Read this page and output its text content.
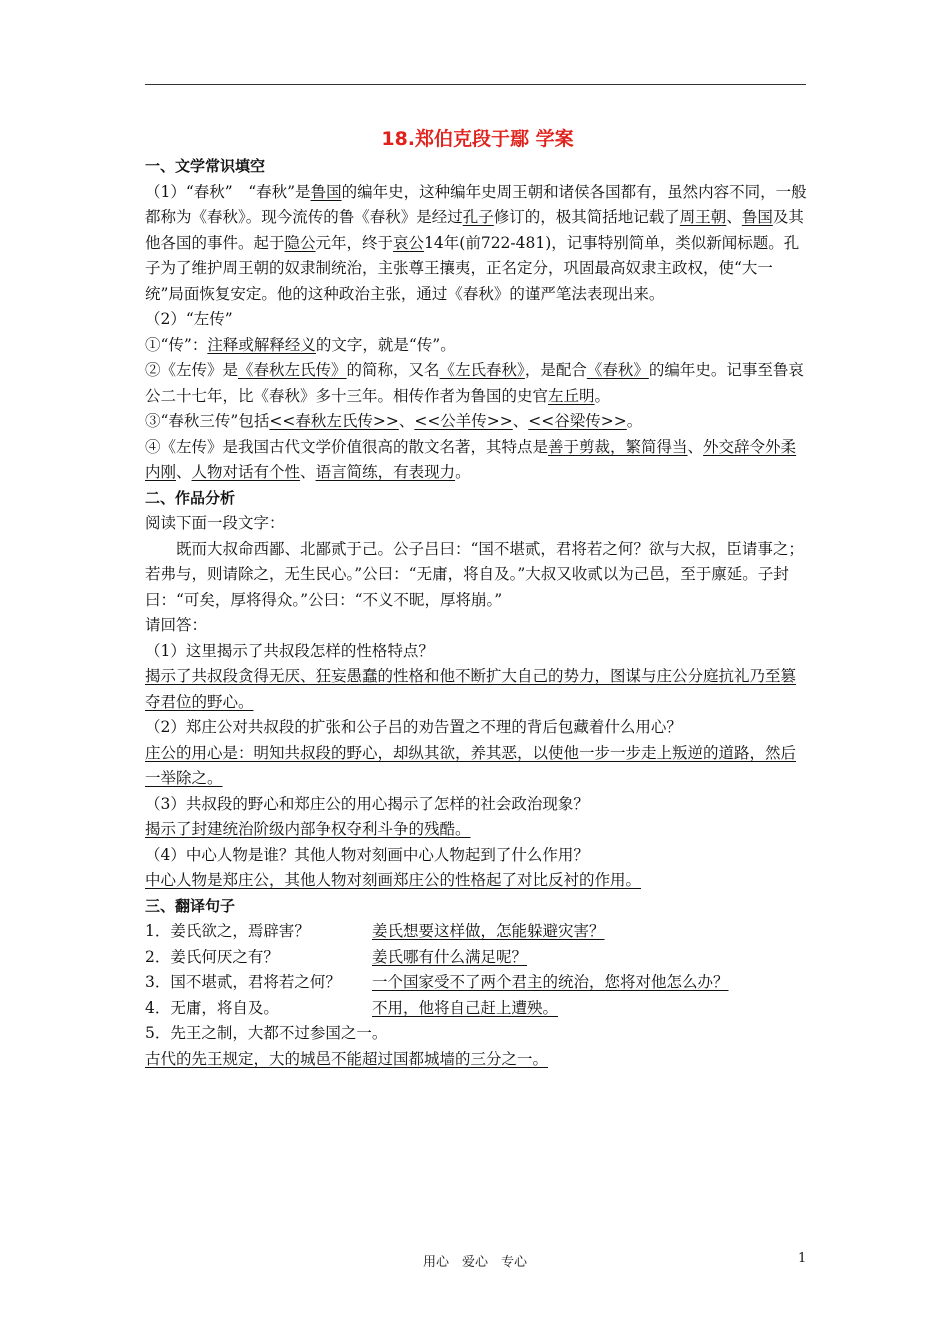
18.郑伯克段于鄢 学案
一、文学常识填空

（1）“春秋”　“春秋”是鲁国的编年史，这种编年史周王朝和诸侯各国都有，虽然内容不同，一般都称为《春秋》。现今流传的鲁《春秋》是经过孔子修订的，极其简括地记载了周王朝、鲁国及其他各国的事件。起于隐公元年，终于哀公14年(前722-481)，记事特别简单，类似新闻标题。孔子为了维护周王朝的奴隶制统治，主张尊王攘夷，正名定分，巩固最高奴隶主政权，使“大一统”局面恢复安定。他的这种政治主张，通过《春秋》的谨严笔法表现出来。

（2）“左传”

①“传”：注释或解释经义的文字，就是“传”。

②《左传》是《春秋左氏传》的简称，又名《左氏春秋》，是配合《春秋》的编年史。记事至鲁哀公二十七年，比《春秋》多十三年。相传作者为鲁国的史官左丘明。

③“春秋三传”包括<<春秋左氏传>>、<<公羊传>>、<<谷梁传>>。

④《左传》是我国古代文学价值很高的散文名著，其特点是善于剪裁，繁简得当、外交辞令外柔内刚、人物对话有个性、语言简练，有表现力。

二、作品分析

阅读下面一段文字：

既而大叔命西鄙、北鄙贰于己。公子吕曰：“国不堪贰，君将若之何？欲与大叔，臣请事之；若弗与，则请除之，无生民心。”公曰：“无庸，将自及。”大叔又收贰以为己邑，至于廪延。子封曰：“可矣，厚将得众。”公曰：“不义不昵，厚将崩。”

请回答：

（1）这里揭示了共叔段怎样的性格特点？

揭示了共叔段贪得无厌、狂妄愚蠢的性格和他不断扩大自己的势力，图谋与庄公分庭抗礼乃至篡夺君位的野心。

（2）郑庄公对共叔段的扩张和公子吕的劝告置之不理的背后包藏着什么用心？

庄公的用心是：明知共叔段的野心，却纵其欲，养其恶，以使他一步一步走上叛逆的道路，然后一举除之。

（3）共叔段的野心和郑庄公的用心揭示了怎样的社会政治现象？

揭示了封建统治阶级内部争权夺利斗争的残酷。

（4）中心人物是谁？其他人物对刻画中心人物起到了什么作用？

中心人物是郑庄公，其他人物对刻画郑庄公的性格起了对比反衬的作用。

三、翻译句子
1．姜氏欲之，焉辟害？	姜氏想要这样做，怎能躲避灾害？
2．姜氏何厌之有？	姜氏哪有什么满足呢？
3．国不堪贰，君将若之何？	一个国家受不了两个君主的统治，您将对他怎么办？
4．无庸，将自及。	不用，他将自己赶上遭殃。

5．先王之制，大都不过参国之一。

古代的先王规定，大的城邑不能超过国都城墙的三分之一。

用心　爱心　专心	1
